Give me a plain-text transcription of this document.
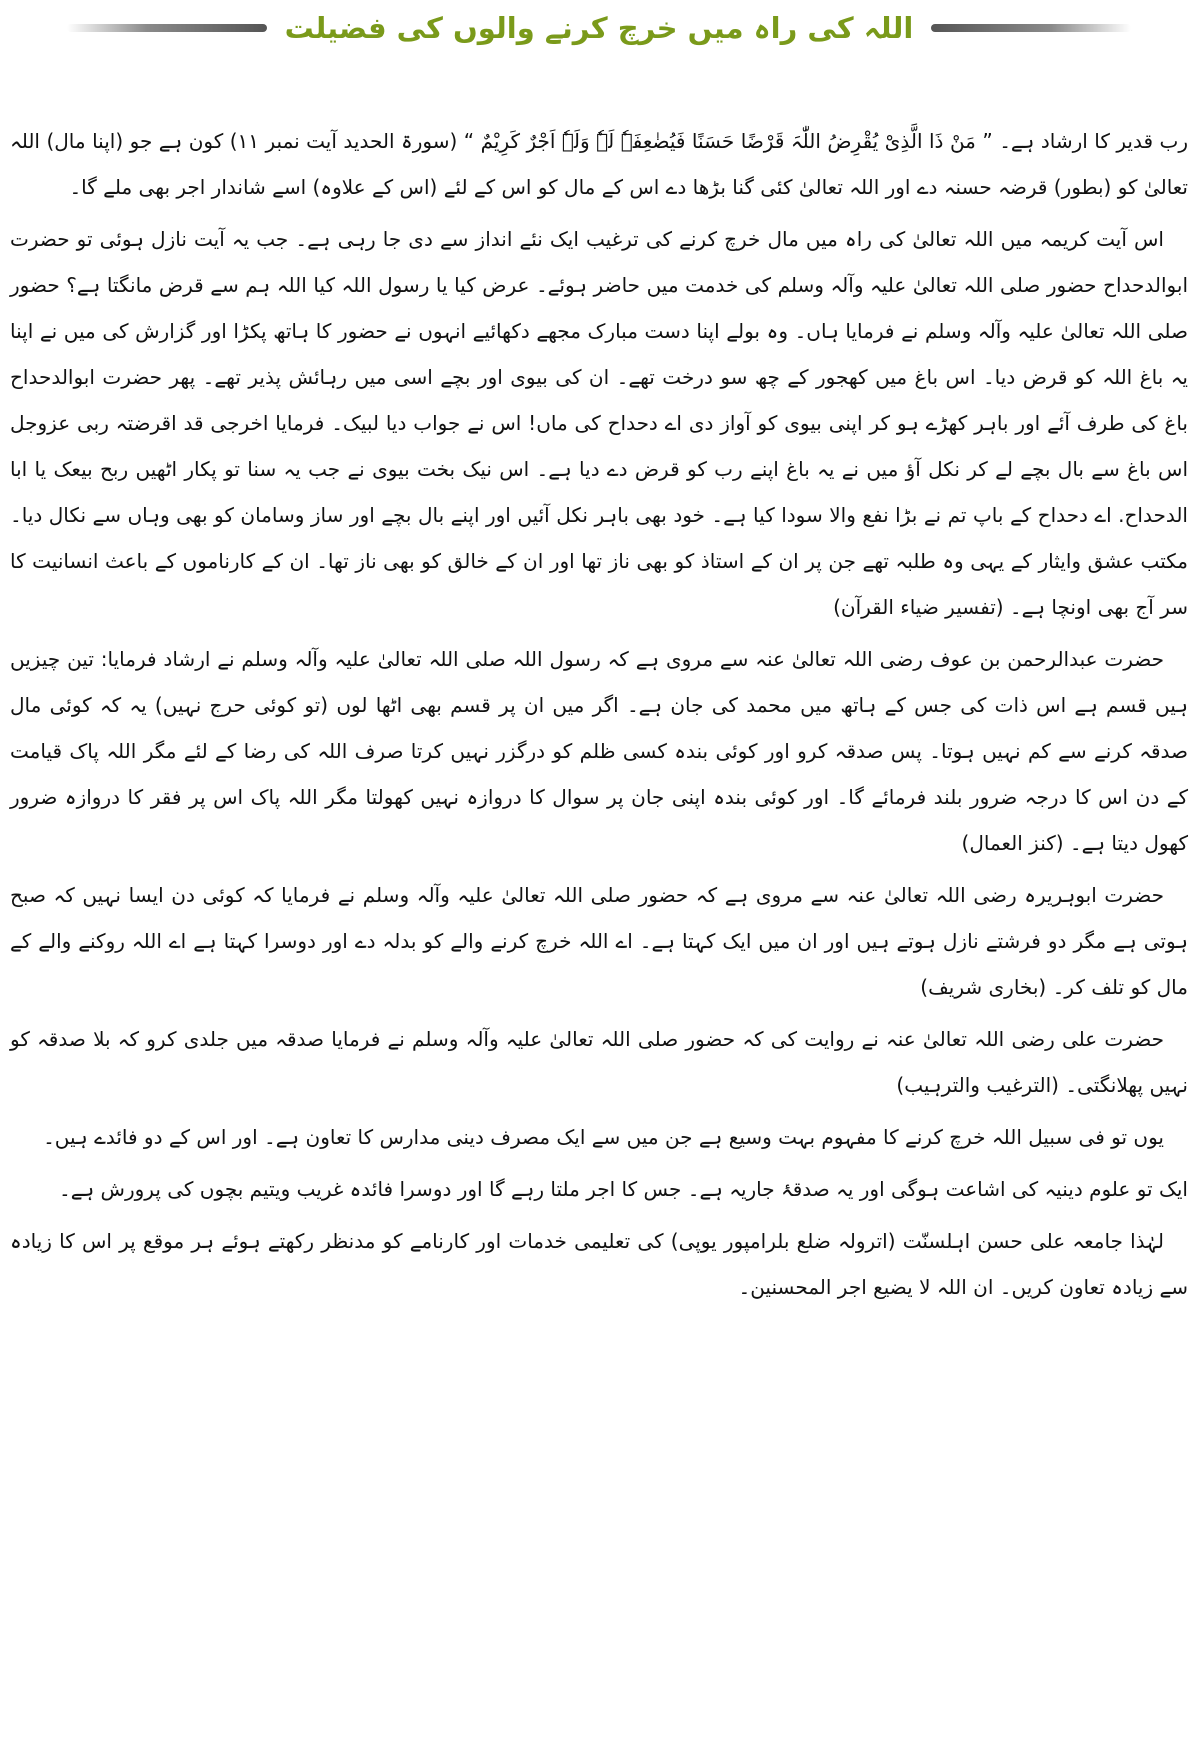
اللہ کی راہ میں خرچ کرنے والوں کی فضیلت

رب قدیر کا ارشاد ہے۔ ” مَنْ ذَا الَّذِیْ یُقْرِضُ اللّٰہَ قَرْضًا حَسَنًا فَیُضٰعِفَہٗ لَہٗ وَلَہٗ اَجْرٌ کَرِیْمٌ “ (سورۃ الحدید آیت نمبر ۱۱) کون ہے جو (اپنا مال) اللہ تعالیٰ کو (بطور) قرضہ حسنہ دے اور اللہ تعالیٰ کئی گنا بڑھا دے اس کے مال کو اس کے لئے (اس کے علاوہ) اسے شاندار اجر بھی ملے گا۔

اس آیت کریمہ میں اللہ تعالیٰ کی راہ میں مال خرچ کرنے کی ترغیب ایک نئے انداز سے دی جا رہی ہے۔ جب یہ آیت نازل ہوئی تو حضرت ابوالدحداح حضور صلی اللہ تعالیٰ علیہ وآلہ وسلم کی خدمت میں حاضر ہوئے۔ عرض کیا یا رسول اللہ کیا اللہ ہم سے قرض مانگتا ہے؟ حضور صلی اللہ تعالیٰ علیہ وآلہ وسلم نے فرمایا ہاں۔ وہ بولے اپنا دست مبارک مجھے دکھائیے انہوں نے حضور کا ہاتھ پکڑا اور گزارش کی میں نے اپنا یہ باغ اللہ کو قرض دیا۔ اس باغ میں کھجور کے چھ سو درخت تھے۔ ان کی بیوی اور بچے اسی میں رہائش پذیر تھے۔ پھر حضرت ابوالدحداح باغ کی طرف آئے اور باہر کھڑے ہو کر اپنی بیوی کو آواز دی اے دحداح کی ماں! اس نے جواب دیا لبیک۔ فرمایا اخرجی قد اقرضتہ ربی عزوجل اس باغ سے بال بچے لے کر نکل آؤ میں نے یہ باغ اپنے رب کو قرض دے دیا ہے۔ اس نیک بخت بیوی نے جب یہ سنا تو پکار اٹھیں ربح بیعک یا ابا الدحداح. اے دحداح کے باپ تم نے بڑا نفع والا سودا کیا ہے۔ خود بھی باہر نکل آئیں اور اپنے بال بچے اور ساز وسامان کو بھی وہاں سے نکال دیا۔ مکتب عشق وایثار کے یہی وہ طلبہ تھے جن پر ان کے استاذ کو بھی ناز تھا اور ان کے خالق کو بھی ناز تھا۔ ان کے کارناموں کے باعث انسانیت کا سر آج بھی اونچا ہے۔ (تفسیر ضیاء القرآن)

حضرت عبدالرحمن بن عوف رضی اللہ تعالیٰ عنہ سے مروی ہے کہ رسول اللہ صلی اللہ تعالیٰ علیہ وآلہ وسلم نے ارشاد فرمایا: تین چیزیں ہیں قسم ہے اس ذات کی جس کے ہاتھ میں محمد کی جان ہے۔ اگر میں ان پر قسم بھی اٹھا لوں (تو کوئی حرج نہیں) یہ کہ کوئی مال صدقہ کرنے سے کم نہیں ہوتا۔ پس صدقہ کرو اور کوئی بندہ کسی ظلم کو درگزر نہیں کرتا صرف اللہ کی رضا کے لئے مگر اللہ پاک قیامت کے دن اس کا درجہ ضرور بلند فرمائے گا۔ اور کوئی بندہ اپنی جان پر سوال کا دروازہ نہیں کھولتا مگر اللہ پاک اس پر فقر کا دروازہ ضرور کھول دیتا ہے۔ (کنز العمال)

حضرت ابوہریرہ رضی اللہ تعالیٰ عنہ سے مروی ہے کہ حضور صلی اللہ تعالیٰ علیہ وآلہ وسلم نے فرمایا کہ کوئی دن ایسا نہیں کہ صبح ہوتی ہے مگر دو فرشتے نازل ہوتے ہیں اور ان میں ایک کہتا ہے۔ اے اللہ خرچ کرنے والے کو بدلہ دے اور دوسرا کہتا ہے اے اللہ روکنے والے کے مال کو تلف کر۔ (بخاری شریف)

حضرت علی رضی اللہ تعالیٰ عنہ نے روایت کی کہ حضور صلی اللہ تعالیٰ علیہ وآلہ وسلم نے فرمایا صدقہ میں جلدی کرو کہ بلا صدقہ کو نہیں پھلانگتی۔ (الترغیب والترہیب)

یوں تو فی سبیل اللہ خرچ کرنے کا مفہوم بہت وسیع ہے جن میں سے ایک مصرف دینی مدارس کا تعاون ہے۔ اور اس کے دو فائدے ہیں۔

ایک تو علوم دینیہ کی اشاعت ہوگی اور یہ صدقۂ جاریہ ہے۔ جس کا اجر ملتا رہے گا اور دوسرا فائدہ غریب ویتیم بچوں کی پرورش ہے۔

لہٰذا جامعہ علی حسن اہلسنّت (اترولہ ضلع بلرامپور یوپی) کی تعلیمی خدمات اور کارنامے کو مدنظر رکھتے ہوئے ہر موقع پر اس کا زیادہ سے زیادہ تعاون کریں۔ ان اللہ لا یضیع اجر المحسنین۔
